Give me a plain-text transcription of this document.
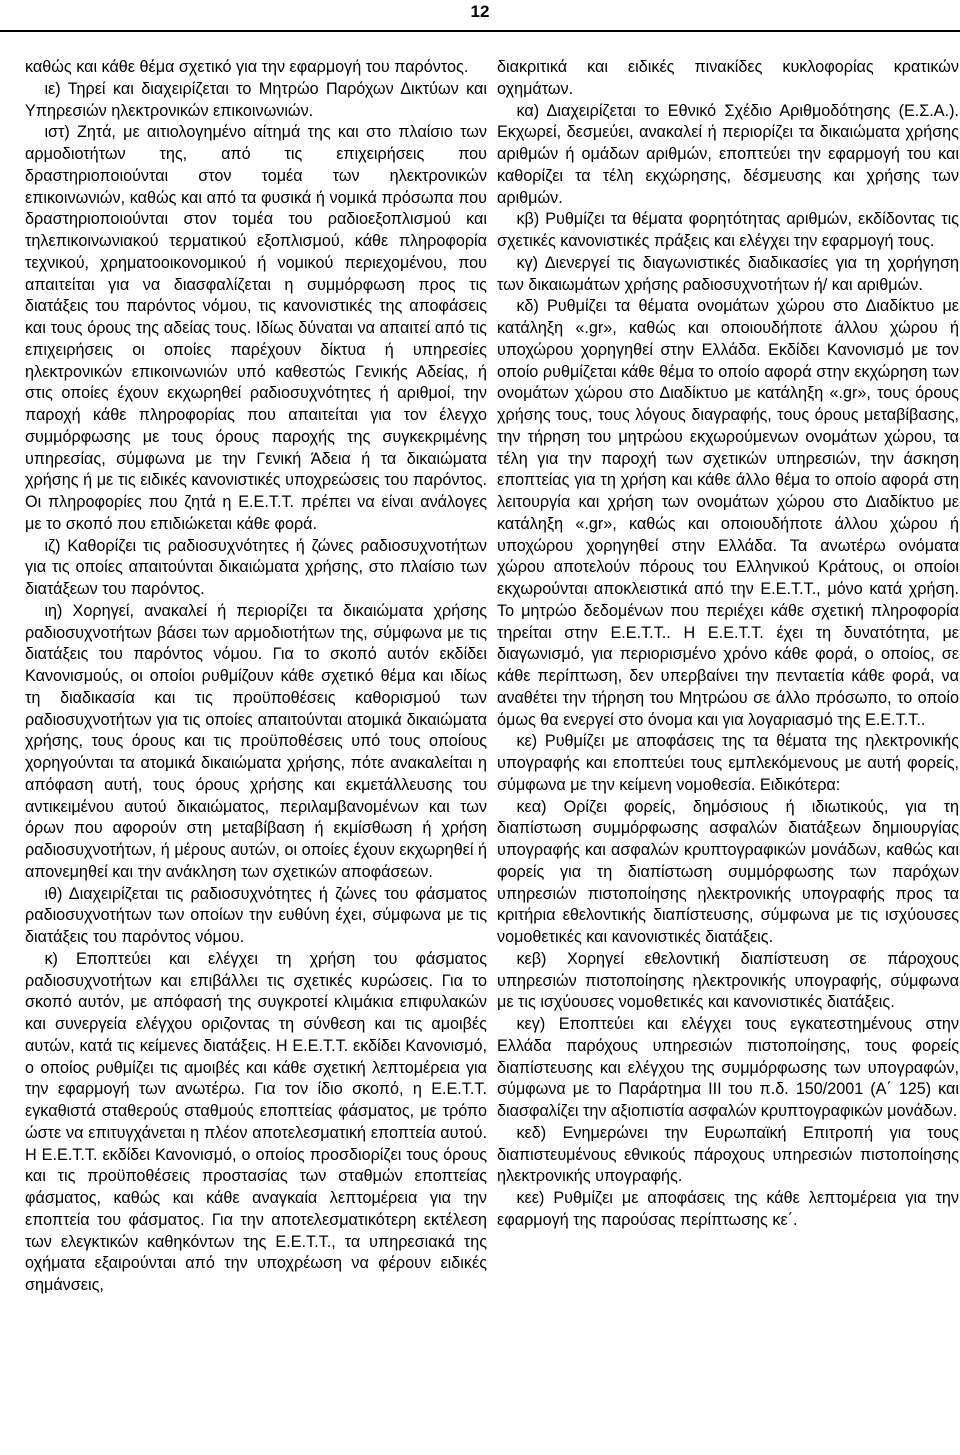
12

καθώς και κάθε θέμα σχετικό για την εφαρμογή του παρόντος.

ιε) Τηρεί και διαχειρίζεται το Μητρώο Παρόχων Δικτύων και Υπηρεσιών ηλεκτρονικών επικοινωνιών.

ιστ) Ζητά, με αιτιολογημένο αίτημά της και στο πλαίσιο των αρμοδιοτήτων της, από τις επιχειρήσεις που δραστηριοποιούνται στον τομέα των ηλεκτρονικών επικοινωνιών, καθώς και από τα φυσικά ή νομικά πρόσωπα που δραστηριοποιούνται στον τομέα του ραδιοεξοπλισμού και τηλεπικοινωνιακού τερματικού εξοπλισμού, κάθε πληροφορία τεχνικού, χρηματοοικονομικού ή νομικού περιεχομένου, που απαιτείται για να διασφαλίζεται η συμμόρφωση προς τις διατάξεις του παρόντος νόμου, τις κανονιστικές της αποφάσεις και τους όρους της αδείας τους. Ιδίως δύναται να απαιτεί από τις επιχειρήσεις οι οποίες παρέχουν δίκτυα ή υπηρεσίες ηλεκτρονικών επικοινωνιών υπό καθεστώς Γενικής Αδείας, ή στις οποίες έχουν εκχωρηθεί ραδιοσυχνότητες ή αριθμοί, την παροχή κάθε πληροφορίας που απαιτείται για τον έλεγχο συμμόρφωσης με τους όρους παροχής της συγκεκριμένης υπηρεσίας, σύμφωνα με την Γενική Άδεια ή τα δικαιώματα χρήσης ή με τις ειδικές κανονιστικές υποχρεώσεις του παρόντος. Οι πληροφορίες που ζητά η Ε.Ε.Τ.Τ. πρέπει να είναι ανάλογες με το σκοπό που επιδιώκεται κάθε φορά.

ιζ) Καθορίζει τις ραδιοσυχνότητες ή ζώνες ραδιοσυχνοτήτων για τις οποίες απαιτούνται δικαιώματα χρήσης, στο πλαίσιο των διατάξεων του παρόντος.

ιη) Χορηγεί, ανακαλεί ή περιορίζει τα δικαιώματα χρήσης ραδιοσυχνοτήτων βάσει των αρμοδιοτήτων της, σύμφωνα με τις διατάξεις του παρόντος νόμου. Για το σκοπό αυτόν εκδίδει Κανονισμούς, οι οποίοι ρυθμίζουν κάθε σχετικό θέμα και ιδίως τη διαδικασία και τις προϋποθέσεις καθορισμού των ραδιοσυχνοτήτων για τις οποίες απαιτούνται ατομικά δικαιώματα χρήσης, τους όρους και τις προϋποθέσεις υπό τους οποίους χορηγούνται τα ατομικά δικαιώματα χρήσης, πότε ανακαλείται η απόφαση αυτή, τους όρους χρήσης και εκμετάλλευσης του αντικειμένου αυτού δικαιώματος, περιλαμβανομένων και των όρων που αφορούν στη μεταβίβαση ή εκμίσθωση ή χρήση ραδιοσυχνοτήτων, ή μέρους αυτών, οι οποίες έχουν εκχωρηθεί ή απονεμηθεί και την ανάκληση των σχετικών αποφάσεων.

ιθ) Διαχειρίζεται τις ραδιοσυχνότητες ή ζώνες του φάσματος ραδιοσυχνοτήτων των οποίων την ευθύνη έχει, σύμφωνα με τις διατάξεις του παρόντος νόμου.

κ) Εποπτεύει και ελέγχει τη χρήση του φάσματος ραδιοσυχνοτήτων και επιβάλλει τις σχετικές κυρώσεις. Για το σκοπό αυτόν, με απόφασή της συγκροτεί κλιμάκια επιφυλακών και συνεργεία ελέγχου οριζοντας τη σύνθεση και τις αμοιβές αυτών, κατά τις κείμενες διατάξεις. Η Ε.Ε.Τ.Τ. εκδίδει Κανονισμό, ο οποίος ρυθμίζει τις αμοιβές και κάθε σχετική λεπτομέρεια για την εφαρμογή των ανωτέρω. Για τον ίδιο σκοπό, η Ε.Ε.Τ.Τ. εγκαθιστά σταθερούς σταθμούς εποπτείας φάσματος, με τρόπο ώστε να επιτυγχάνεται η πλέον αποτελεσματική εποπτεία αυτού. Η Ε.Ε.Τ.Τ. εκδίδει Κανονισμό, ο οποίος προσδιορίζει τους όρους και τις προϋποθέσεις προστασίας των σταθμών εποπτείας φάσματος, καθώς και κάθε αναγκαία λεπτομέρεια για την εποπτεία του φάσματος. Για την αποτελεσματικότερη εκτέλεση των ελεγκτικών καθηκόντων της Ε.Ε.Τ.Τ., τα υπηρεσιακά της οχήματα εξαιρούνται από την υποχρέωση να φέρουν ειδικές σημάνσεις,

διακριτικά και ειδικές πινακίδες κυκλοφορίας κρατικών οχημάτων.

κα) Διαχειρίζεται το Εθνικό Σχέδιο Αριθμοδότησης (Ε.Σ.Α.). Εκχωρεί, δεσμεύει, ανακαλεί ή περιορίζει τα δικαιώματα χρήσης αριθμών ή ομάδων αριθμών, εποπτεύει την εφαρμογή του και καθορίζει τα τέλη εκχώρησης, δέσμευσης και χρήσης των αριθμών.

κβ) Ρυθμίζει τα θέματα φορητότητας αριθμών, εκδίδοντας τις σχετικές κανονιστικές πράξεις και ελέγχει την εφαρμογή τους.

κγ) Διενεργεί τις διαγωνιστικές διαδικασίες για τη χορήγηση των δικαιωμάτων χρήσης ραδιοσυχνοτήτων ή/ και αριθμών.

κδ) Ρυθμίζει τα θέματα ονομάτων χώρου στο Διαδίκτυο με κατάληξη «.gr», καθώς και οποιουδήποτε άλλου χώρου ή υποχώρου χορηγηθεί στην Ελλάδα. Εκδίδει Κανονισμό με τον οποίο ρυθμίζεται κάθε θέμα το οποίο αφορά στην εκχώρηση των ονομάτων χώρου στο Διαδίκτυο με κατάληξη «.gr», τους όρους χρήσης τους, τους λόγους διαγραφής, τους όρους μεταβίβασης, την τήρηση του μητρώου εκχωρούμενων ονομάτων χώρου, τα τέλη για την παροχή των σχετικών υπηρεσιών, την άσκηση εποπτείας για τη χρήση και κάθε άλλο θέμα το οποίο αφορά στη λειτουργία και χρήση των ονομάτων χώρου στο Διαδίκτυο με κατάληξη «.gr», καθώς και οποιουδήποτε άλλου χώρου ή υποχώρου χορηγηθεί στην Ελλάδα. Τα ανωτέρω ονόματα χώρου αποτελούν πόρους του Ελληνικού Κράτους, οι οποίοι εκχωρούνται αποκλειστικά από την Ε.Ε.Τ.Τ., μόνο κατά χρήση. Το μητρώο δεδομένων που περιέχει κάθε σχετική πληροφορία τηρείται στην Ε.Ε.Τ.Τ.. Η Ε.Ε.Τ.Τ. έχει τη δυνατότητα, με διαγωνισμό, για περιορισμένο χρόνο κάθε φορά, ο οποίος, σε κάθε περίπτωση, δεν υπερβαίνει την πενταετία κάθε φορά, να αναθέτει την τήρηση του Μητρώου σε άλλο πρόσωπο, το οποίο όμως θα ενεργεί στο όνομα και για λογαριασμό της Ε.Ε.Τ.Τ..

κε) Ρυθμίζει με αποφάσεις της τα θέματα της ηλεκτρονικής υπογραφής και εποπτεύει τους εμπλεκόμενους με αυτή φορείς, σύμφωνα με την κείμενη νομοθεσία. Ειδικότερα:

κεα) Ορίζει φορείς, δημόσιους ή ιδιωτικούς, για τη διαπίστωση συμμόρφωσης ασφαλών διατάξεων δημιουργίας υπογραφής και ασφαλών κρυπτογραφικών μονάδων, καθώς και φορείς για τη διαπίστωση συμμόρφωσης των παρόχων υπηρεσιών πιστοποίησης ηλεκτρονικής υπογραφής προς τα κριτήρια εθελοντικής διαπίστευσης, σύμφωνα με τις ισχύουσες νομοθετικές και κανονιστικές διατάξεις.

κεβ) Χορηγεί εθελοντική διαπίστευση σε πάροχους υπηρεσιών πιστοποίησης ηλεκτρονικής υπογραφής, σύμφωνα με τις ισχύουσες νομοθετικές και κανονιστικές διατάξεις.

κεγ) Εποπτεύει και ελέγχει τους εγκατεστημένους στην Ελλάδα παρόχους υπηρεσιών πιστοποίησης, τους φορείς διαπίστευσης και ελέγχου της συμμόρφωσης των υπογραφών, σύμφωνα με το Παράρτημα ΙΙΙ του π.δ. 150/2001 (Α΄ 125) και διασφαλίζει την αξιοπιστία ασφαλών κρυπτογραφικών μονάδων.

κεδ) Ενημερώνει την Ευρωπαϊκή Επιτροπή για τους διαπιστευμένους εθνικούς πάροχους υπηρεσιών πιστοποίησης ηλεκτρονικής υπογραφής.

κεε) Ρυθμίζει με αποφάσεις της κάθε λεπτομέρεια για την εφαρμογή της παρούσας περίπτωσης κε΄.
